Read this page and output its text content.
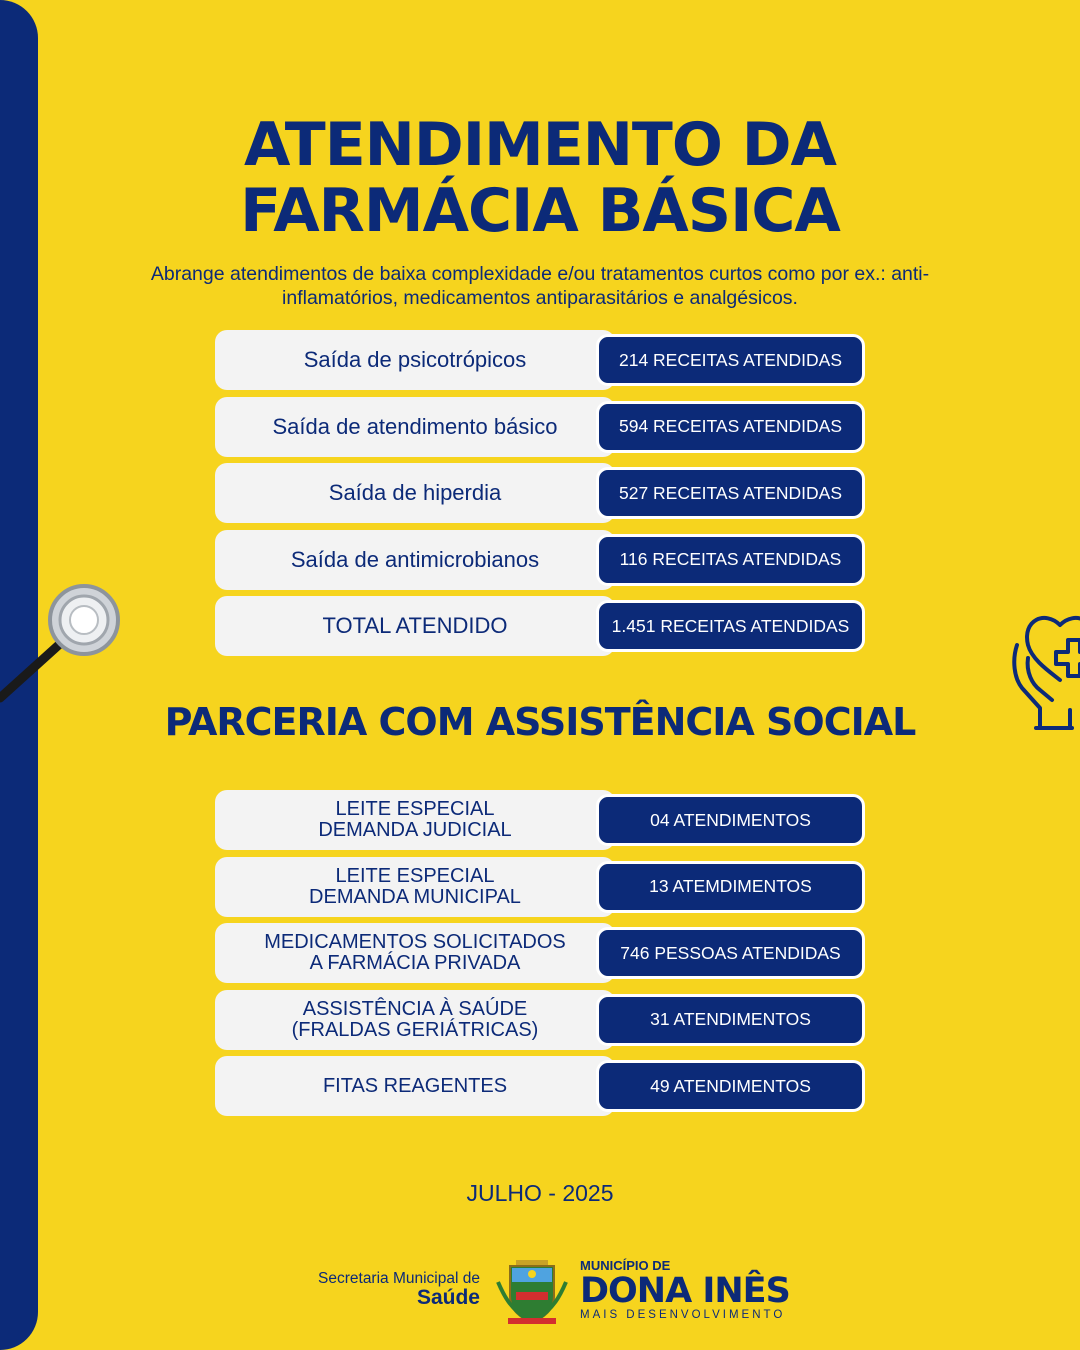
ATENDIMENTO DA
FARMÁCIA BÁSICA
Abrange atendimentos de baixa complexidade e/ou tratamentos curtos como por ex.: anti-inflamatórios, medicamentos antiparasitários e analgésicos.
Saída de psicotrópicos	214 RECEITAS ATENDIDAS
Saída de atendimento básico	594 RECEITAS ATENDIDAS
Saída de hiperdia	527 RECEITAS ATENDIDAS
Saída de antimicrobianos	116 RECEITAS ATENDIDAS
TOTAL ATENDIDO	1.451 RECEITAS ATENDIDAS
PARCERIA COM ASSISTÊNCIA SOCIAL
LEITE ESPECIAL
DEMANDA JUDICIAL	04 ATENDIMENTOS
LEITE ESPECIAL
DEMANDA MUNICIPAL	13 ATEMDIMENTOS
MEDICAMENTOS SOLICITADOS
A FARMÁCIA PRIVADA	746 PESSOAS ATENDIDAS
ASSISTÊNCIA À SAÚDE
(FRALDAS GERIÁTRICAS)	31 ATENDIMENTOS
FITAS REAGENTES	49 ATENDIMENTOS
JULHO - 2025
Secretaria Municipal de
Saúde
MUNICÍPIO DE
DONA INÊS
MAIS DESENVOLVIMENTO
